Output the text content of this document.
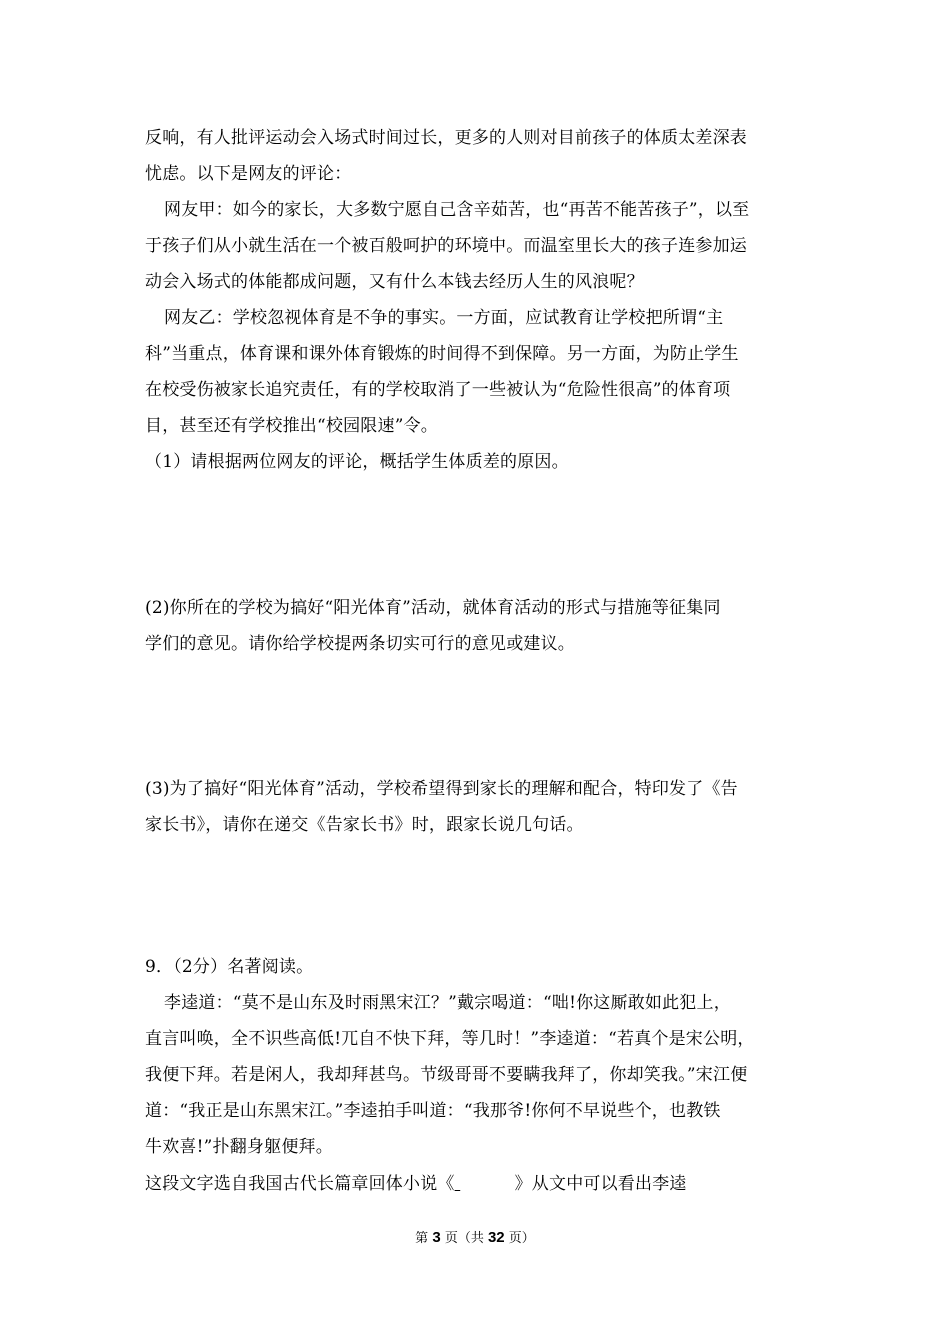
反响，有人批评运动会入场式时间过长，更多的人则对目前孩子的体质太差深表
忧虑。以下是网友的评论：
网友甲：如今的家长，大多数宁愿自己含辛茹苦，也“再苦不能苦孩子”，以至
于孩子们从小就生活在一个被百般呵护的环境中。而温室里长大的孩子连参加运
动会入场式的体能都成问题，又有什么本钱去经历人生的风浪呢？
网友乙：学校忽视体育是不争的事实。一方面，应试教育让学校把所谓“主
科”当重点，体育课和课外体育锻炼的时间得不到保障。另一方面，为防止学生
在校受伤被家长追究责任，有的学校取消了一些被认为“危险性很高”的体育项
目，甚至还有学校推出“校园限速”令。
（1）请根据两位网友的评论，概括学生体质差的原因。
(2)你所在的学校为搞好“阳光体育”活动，就体育活动的形式与措施等征集同
学们的意见。请你给学校提两条切实可行的意见或建议。
(3)为了搞好“阳光体育”活动，学校希望得到家长的理解和配合，特印发了《告
家长书》，请你在递交《告家长书》时，跟家长说几句话。
9．（2分）名著阅读。
李逵道：“莫不是山东及时雨黑宋江？”戴宗喝道：“咄!你这厮敢如此犯上，
直言叫唤，全不识些高低!兀自不快下拜，等几时！”李逵道：“若真个是宋公明，
我便下拜。若是闲人，我却拜甚鸟。节级哥哥不要瞒我拜了，你却笑我。”宋江便
道：“我正是山东黑宋江。”李逵拍手叫道：“我那爷!你何不早说些个，也教铁
牛欢喜!”扑翻身躯便拜。
这段文字选自我国古代长篇章回体小说《	》从文中可以看出李逵
第 3 页（共 32 页）
